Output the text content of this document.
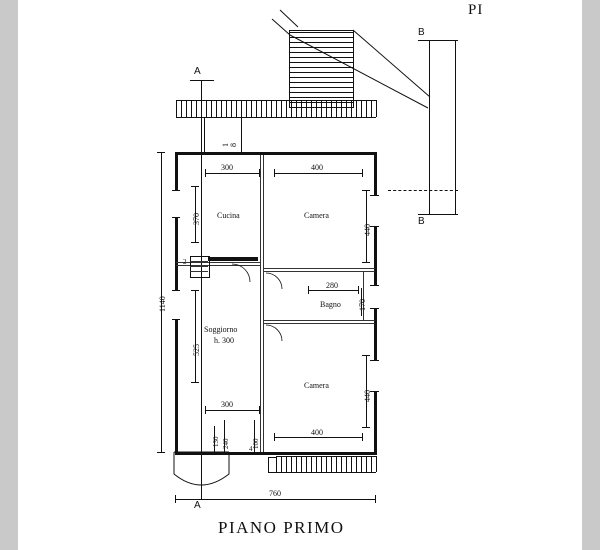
PI
B
B
A
A
1 8
2
Cucina	Camera
Bagno
Camera
Soggiorno
h. 300
300	400
370
440
280
170
440
400
300
525
1140
130 240	100
4
760
PIANO PRIMO
